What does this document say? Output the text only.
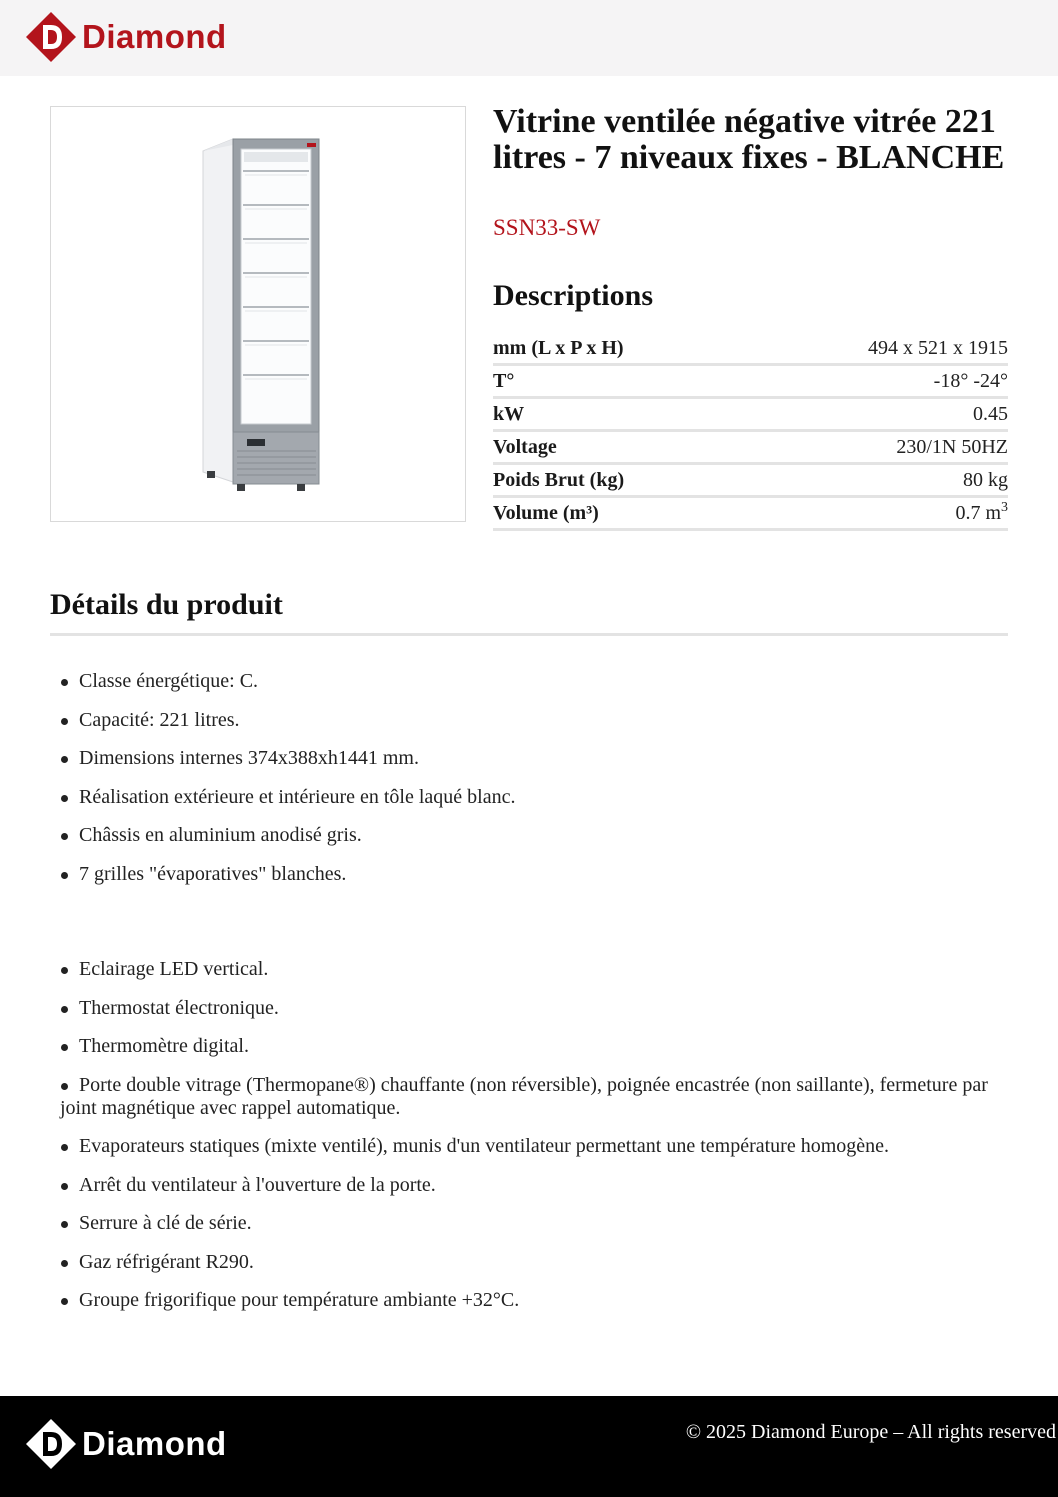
Diamond
Vitrine ventilée négative vitrée 221 litres - 7 niveaux fixes - BLANCHE
SSN33-SW
Descriptions
mm (L x P x H)	494 x 521 x 1915
T°	-18° -24°
kW	0.45
Voltage	230/1N 50HZ
Poids Brut (kg)	80 kg
Volume (m³)	0.7 $m^3$
Détails du produit
Classe énergétique: C.
Capacité: 221 litres.
Dimensions internes 374x388xh1441 mm.
Réalisation extérieure et intérieure en tôle laqué blanc.
Châssis en aluminium anodisé gris.
7 grilles "évaporatives" blanches.
Eclairage LED vertical.
Thermostat électronique.
Thermomètre digital.
Porte double vitrage (Thermopane®) chauffante (non réversible), poignée encastrée (non saillante), fermeture par joint magnétique avec rappel automatique.
Evaporateurs statiques (mixte ventilé), munis d'un ventilateur permettant une température homogène.
Arrêt du ventilateur à l'ouverture de la porte.
Serrure à clé de série.
Gaz réfrigérant R290.
Groupe frigorifique pour température ambiante +32°C.
Diamond	© 2025 Diamond Europe – All rights reserved
